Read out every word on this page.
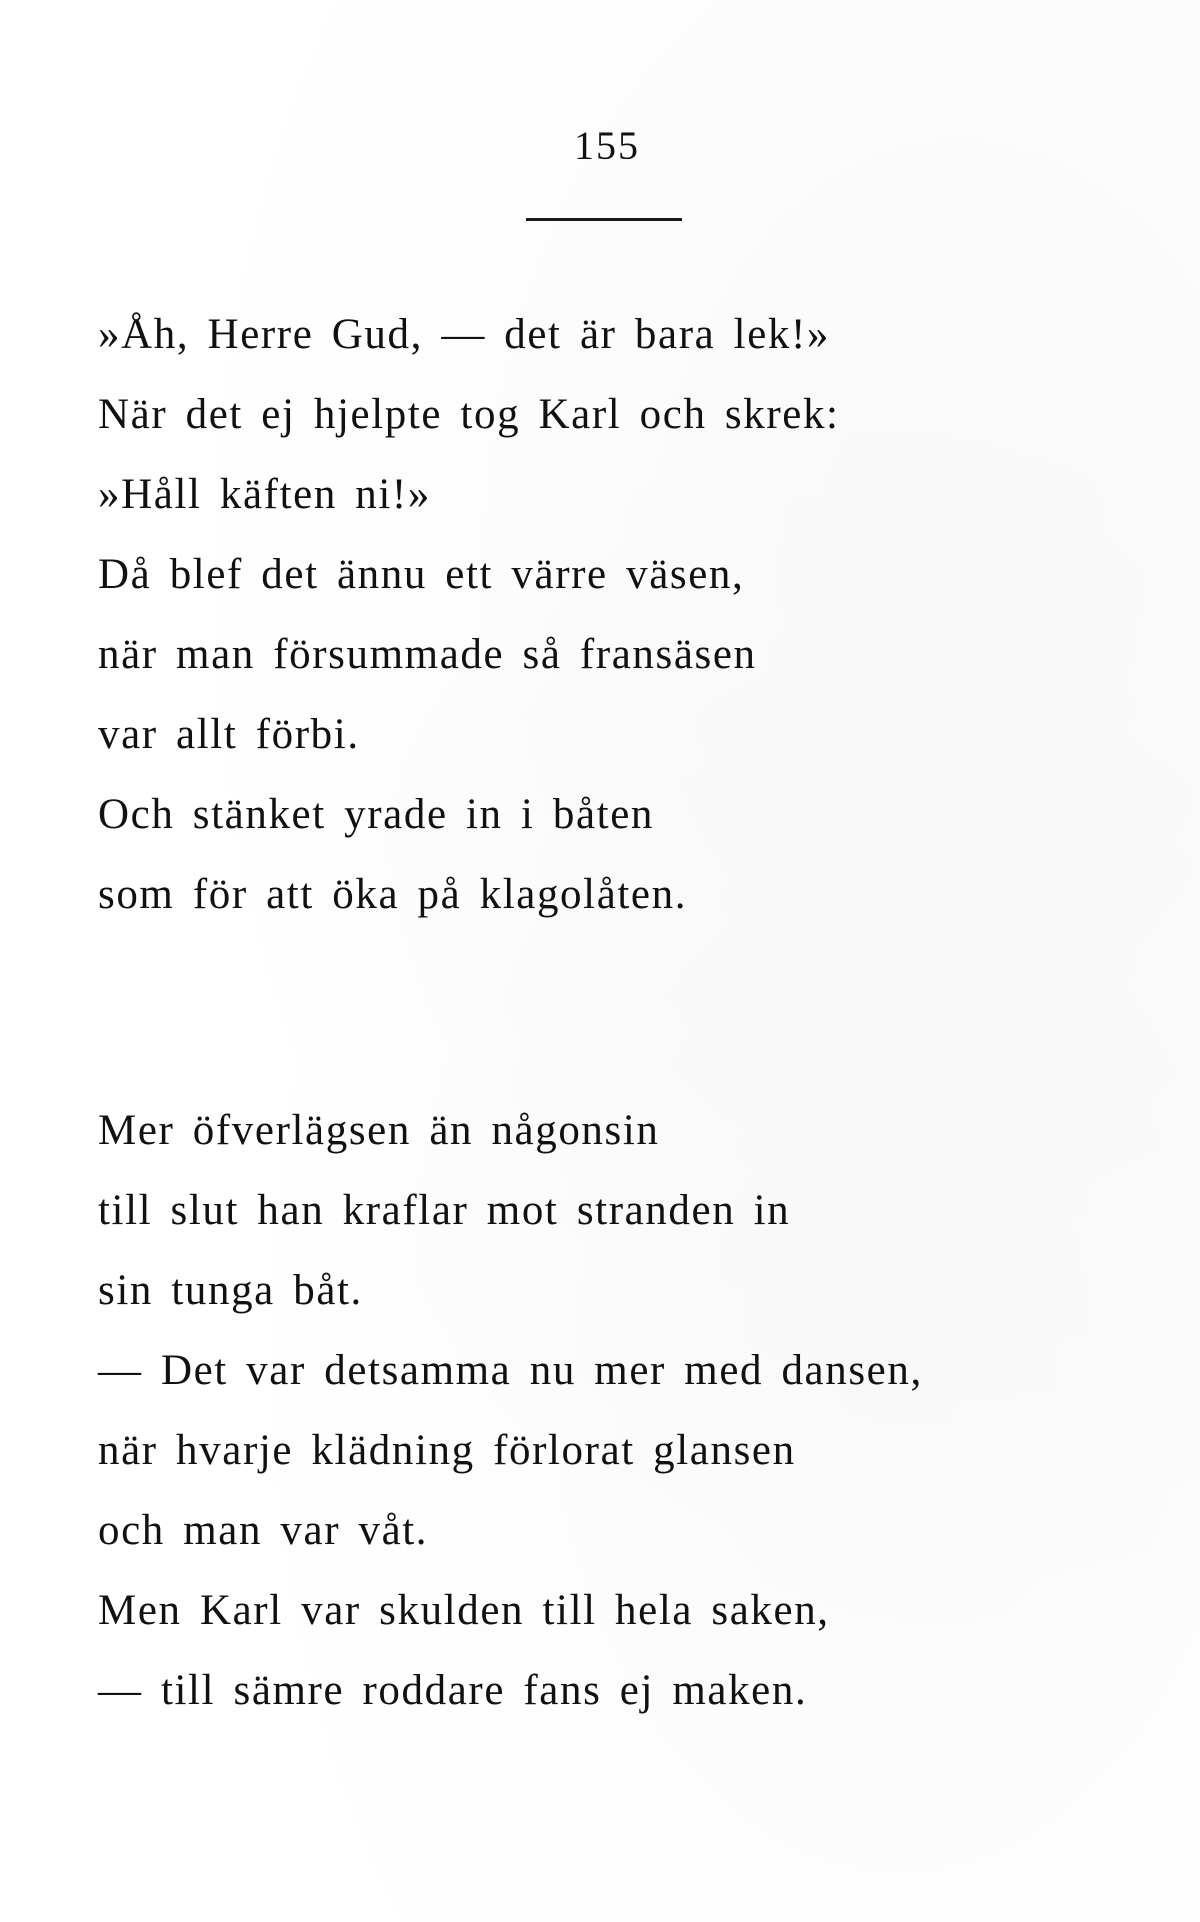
155
»Åh, Herre Gud, — det är bara lek!»
När det ej hjelpte tog Karl och skrek:
»Håll käften ni!»
Då blef det ännu ett värre väsen,
när man försummade så fransäsen
var allt förbi.
Och stänket yrade in i båten
som för att öka på klagolåten.
Mer öfverlägsen än någonsin
till slut han kraflar mot stranden in
sin tunga båt.
— Det var detsamma nu mer med dansen,
när hvarje klädning förlorat glansen
och man var våt.
Men Karl var skulden till hela saken,
— till sämre roddare fans ej maken.
